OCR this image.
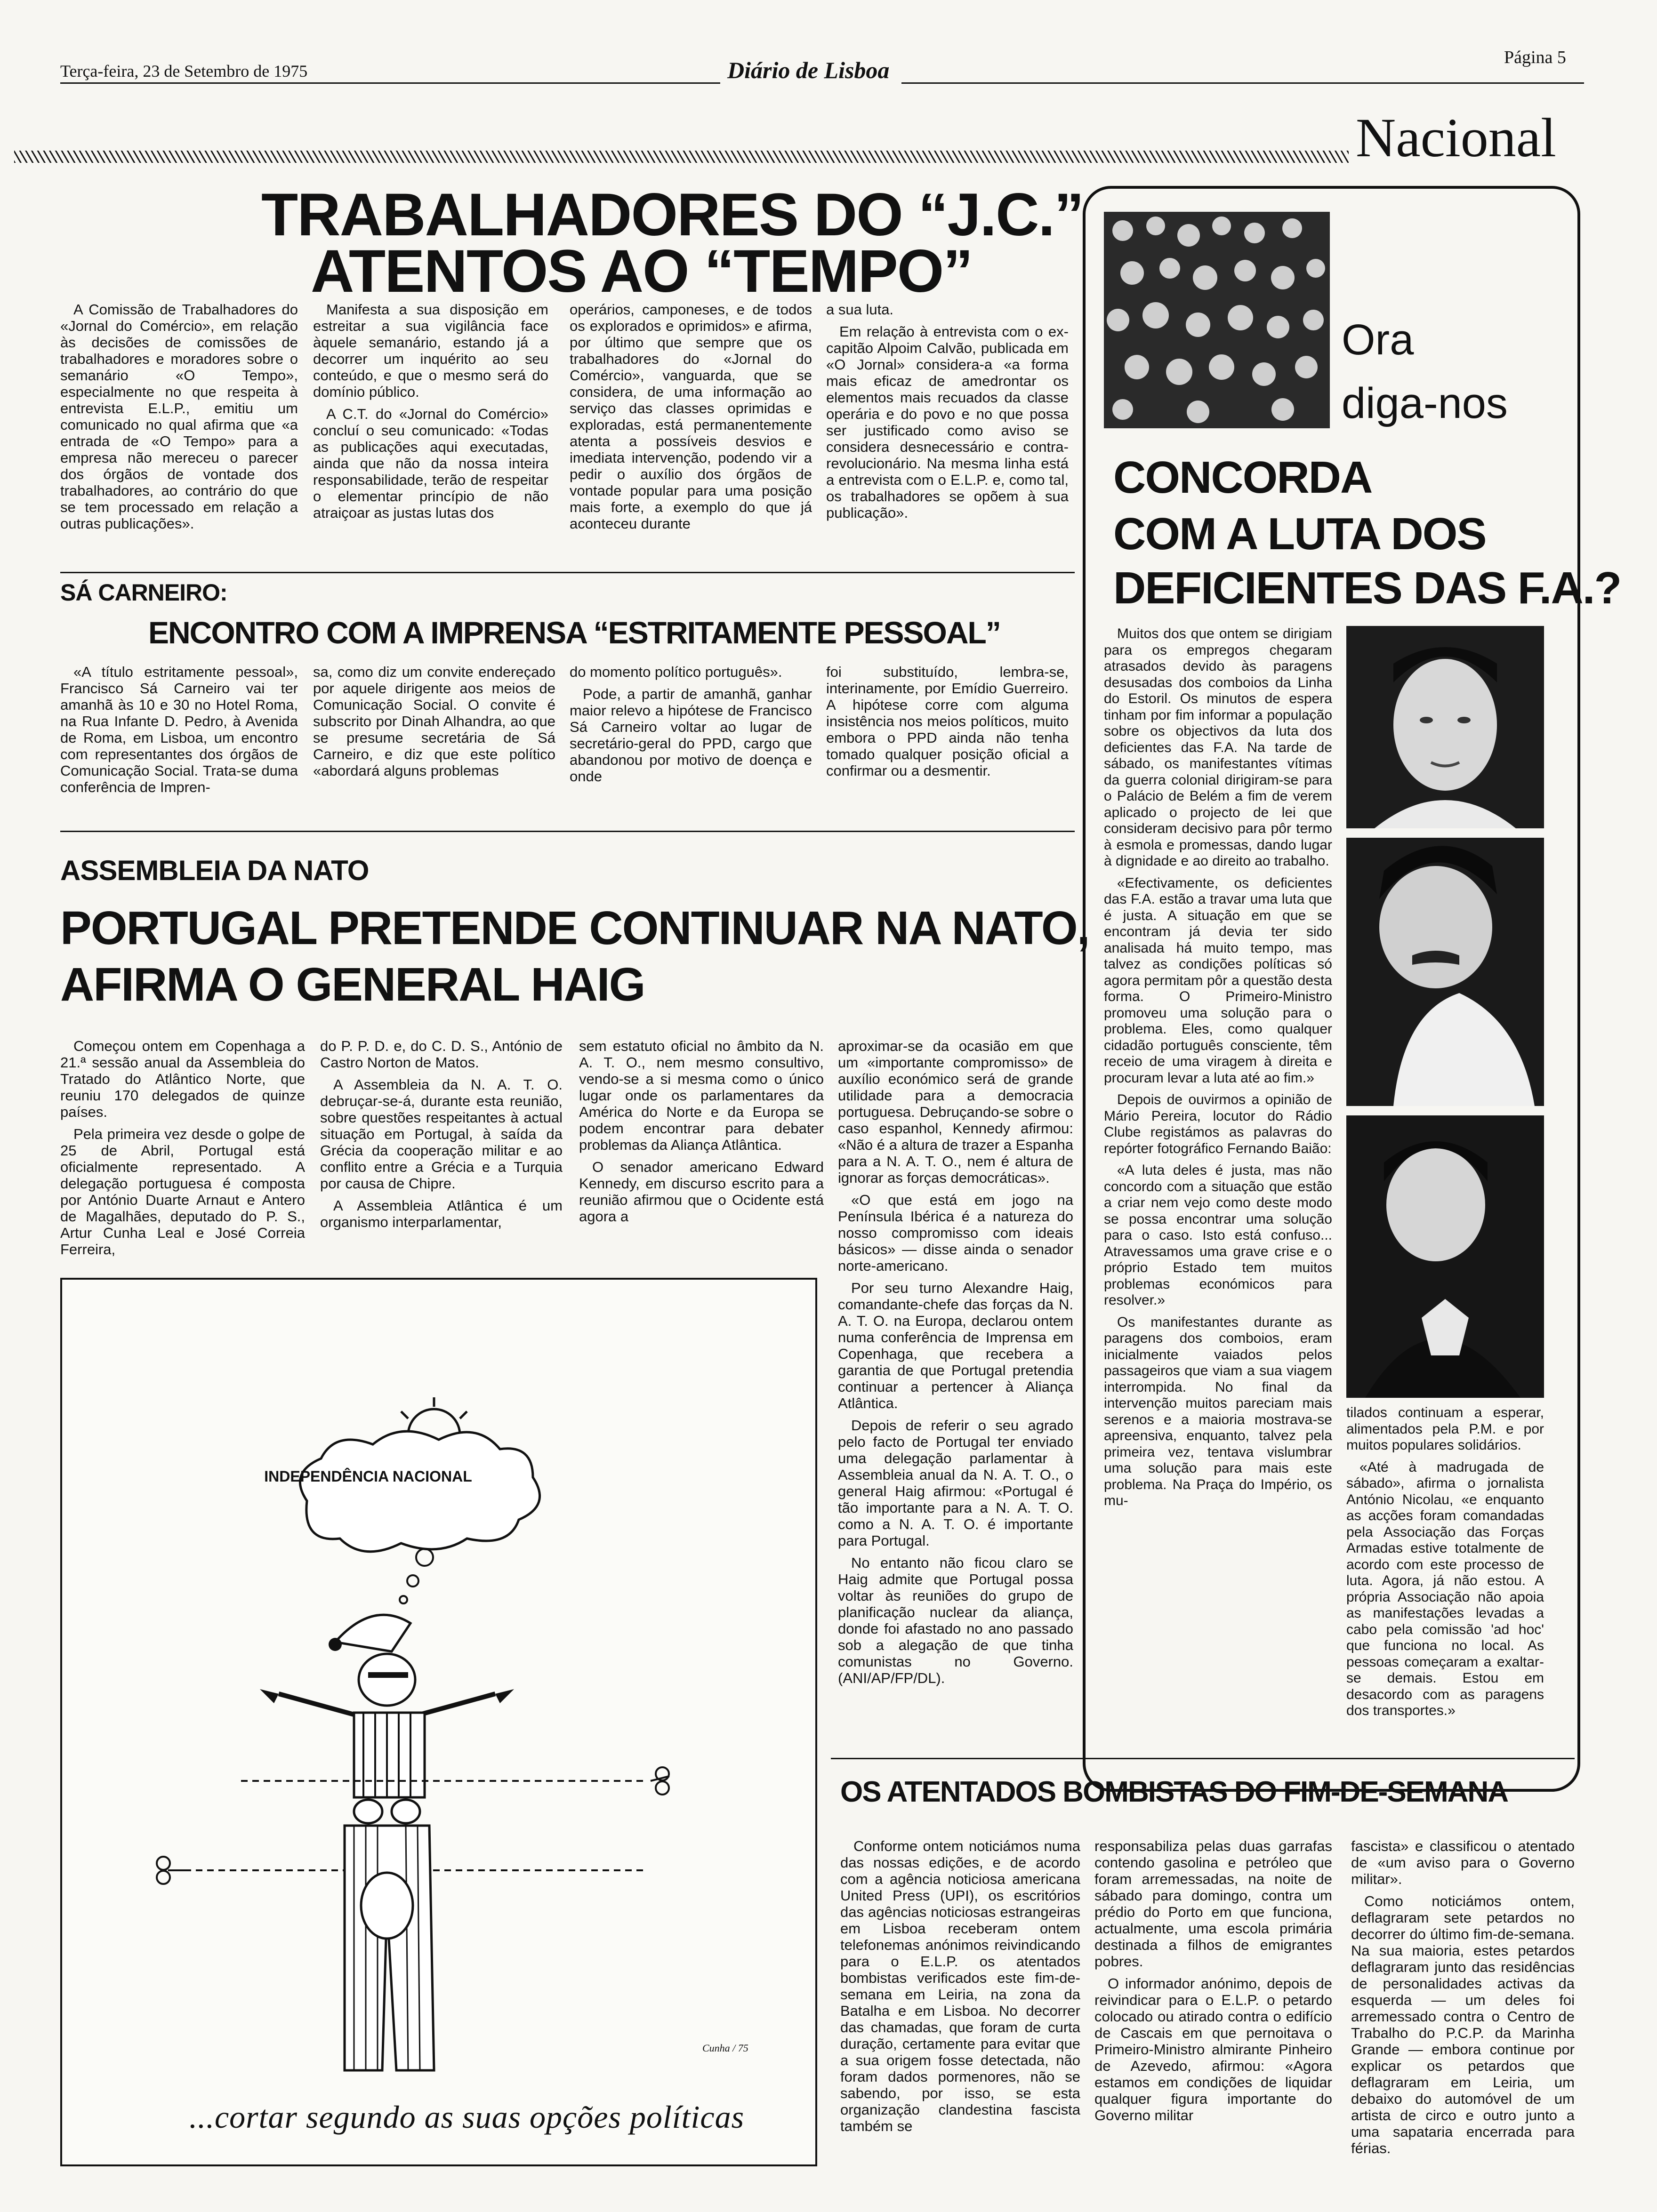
Terça-feira, 23 de Setembro de 1975	Diário de Lisboa	Página 5
Nacional
TRABALHADORES DO “J.C.”
ATENTOS AO “TEMPO”

A Comissão de Trabalhadores do «Jornal do Comércio», em relação às decisões de comissões de trabalhadores e moradores sobre o semanário «O Tempo», especialmente no que respeita à entrevista E.L.P., emitiu um comunicado no qual afirma que «a entrada de «O Tempo» para a empresa não mereceu o parecer dos órgãos de vontade dos trabalhadores, ao contrário do que se tem processado em relação a outras publicações».

Manifesta a sua disposição em estreitar a sua vigilância face àquele semanário, estando já a decorrer um inquérito ao seu conteúdo, e que o mesmo será do domínio público.

A C.T. do «Jornal do Comércio» concluí o seu comunicado: «Todas as publicações aqui executadas, ainda que não da nossa inteira responsabilidade, terão de respeitar o elementar princípio de não atraiçoar as justas lutas dos

operários, camponeses, e de todos os explorados e oprimidos» e afirma, por último que sempre que os trabalhadores do «Jornal do Comércio», vanguarda, que se considera, de uma informação ao serviço das classes oprimidas e exploradas, está permanentemente atenta a possíveis desvios e imediata intervenção, podendo vir a pedir o auxílio dos órgãos de vontade popular para uma posição mais forte, a exemplo do que já aconteceu durante

a sua luta.

Em relação à entrevista com o ex-capitão Alpoim Calvão, publicada em «O Jornal» considera-a «a forma mais eficaz de amedrontar os elementos mais recuados da classe operária e do povo e no que possa ser justificado como aviso se considera desnecessário e contra-revolucionário. Na mesma linha está a entrevista com o E.L.P. e, como tal, os trabalhadores se opõem à sua publicação».

SÁ CARNEIRO:
ENCONTRO COM A IMPRENSA “ESTRITAMENTE PESSOAL”

«A título estritamente pessoal», Francisco Sá Carneiro vai ter amanhã às 10 e 30 no Hotel Roma, na Rua Infante D. Pedro, à Avenida de Roma, em Lisboa, um encontro com representantes dos órgãos de Comunicação Social. Trata-se duma conferência de Impren-

sa, como diz um convite endereçado por aquele dirigente aos meios de Comunicação Social. O convite é subscrito por Dinah Alhandra, ao que se presume secretária de Sá Carneiro, e diz que este político «abordará alguns problemas

do momento político português».

Pode, a partir de amanhã, ganhar maior relevo a hipótese de Francisco Sá Carneiro voltar ao lugar de secretário-geral do PPD, cargo que abandonou por motivo de doença e onde

foi substituído, lembra-se, interinamente, por Emídio Guerreiro. A hipótese corre com alguma insistência nos meios políticos, muito embora o PPD ainda não tenha tomado qualquer posição oficial a confirmar ou a desmentir.

ASSEMBLEIA DA NATO
PORTUGAL PRETENDE CONTINUAR NA NATO,
AFIRMA O GENERAL HAIG

Começou ontem em Copenhaga a 21.ª sessão anual da Assembleia do Tratado do Atlântico Norte, que reuniu 170 delegados de quinze países.

Pela primeira vez desde o golpe de 25 de Abril, Portugal está oficialmente representado. A delegação portuguesa é composta por António Duarte Arnaut e Antero de Magalhães, deputado do P. S., Artur Cunha Leal e José Correia Ferreira,

do P. P. D. e, do C. D. S., António de Castro Norton de Matos.

A Assembleia da N. A. T. O. debruçar-se-á, durante esta reunião, sobre questões respeitantes à actual situação em Portugal, à saída da Grécia da cooperação militar e ao conflito entre a Grécia e a Turquia por causa de Chipre.

A Assembleia Atlântica é um organismo interparlamentar,

sem estatuto oficial no âmbito da N. A. T. O., nem mesmo consultivo, vendo-se a si mesma como o único lugar onde os parlamentares da América do Norte e da Europa se podem encontrar para debater problemas da Aliança Atlântica.

O senador americano Edward Kennedy, em discurso escrito para a reunião afirmou que o Ocidente está agora a

aproximar-se da ocasião em que um «importante compromisso» de auxílio económico será de grande utilidade para a democracia portuguesa. Debruçando-se sobre o caso espanhol, Kennedy afirmou: «Não é a altura de trazer a Espanha para a N. A. T. O., nem é altura de ignorar as forças democráticas».

«O que está em jogo na Península Ibérica é a natureza do nosso compromisso com ideais básicos» — disse ainda o senador norte-americano.

Por seu turno Alexandre Haig, comandante-chefe das forças da N. A. T. O. na Europa, declarou ontem numa conferência de Imprensa em Copenhaga, que recebera a garantia de que Portugal pretendia continuar a pertencer à Aliança Atlântica.

Depois de referir o seu agrado pelo facto de Portugal ter enviado uma delegação parlamentar à Assembleia anual da N. A. T. O., o general Haig afirmou: «Portugal é tão importante para a N. A. T. O. como a N. A. T. O. é importante para Portugal.

No entanto não ficou claro se Haig admite que Portugal possa voltar às reuniões do grupo de planificação nuclear da aliança, donde foi afastado no ano passado sob a alegação de que tinha comunistas no Governo. (ANI/AP/FP/DL).

INDEPENDÊNCIA NACIONAL
Cunha / 75
...cortar segundo as suas opções políticas
Ora
diga-nos
CONCORDA
COM A LUTA DOS
DEFICIENTES DAS F.A.?

Muitos dos que ontem se dirigiam para os empregos chegaram atrasados devido às paragens desusadas dos comboios da Linha do Estoril. Os minutos de espera tinham por fim informar a população sobre os objectivos da luta dos deficientes das F.A. Na tarde de sábado, os manifestantes vítimas da guerra colonial dirigiram-se para o Palácio de Belém a fim de verem aplicado o projecto de lei que consideram decisivo para pôr termo à esmola e promessas, dando lugar à dignidade e ao direito ao trabalho.

«Efectivamente, os deficientes das F.A. estão a travar uma luta que é justa. A situação em que se encontram já devia ter sido analisada há muito tempo, mas talvez as condições políticas só agora permitam pôr a questão desta forma. O Primeiro-Ministro promoveu uma solução para o problema. Eles, como qualquer cidadão português consciente, têm receio de uma viragem à direita e procuram levar a luta até ao fim.»

Depois de ouvirmos a opinião de Mário Pereira, locutor do Rádio Clube registámos as palavras do repórter fotográfico Fernando Baião:

«A luta deles é justa, mas não concordo com a situação que estão a criar nem vejo como deste modo se possa encontrar uma solução para o caso. Isto está confuso... Atravessamos uma grave crise e o próprio Estado tem muitos problemas económicos para resolver.»

Os manifestantes durante as paragens dos comboios, eram inicialmente vaiados pelos passageiros que viam a sua viagem interrompida. No final da intervenção muitos pareciam mais serenos e a maioria mostrava-se apreensiva, enquanto, talvez pela primeira vez, tentava vislumbrar uma solução para mais este problema. Na Praça do Império, os mu-

tilados continuam a esperar, alimentados pela P.M. e por muitos populares solidários.

«Até à madrugada de sábado», afirma o jornalista António Nicolau, «e enquanto as acções foram comandadas pela Associação das Forças Armadas estive totalmente de acordo com este processo de luta. Agora, já não estou. A própria Associação não apoia as manifestações levadas a cabo pela comissão 'ad hoc' que funciona no local. As pessoas começaram a exaltar-se demais. Estou em desacordo com as paragens dos transportes.»

OS ATENTADOS BOMBISTAS DO FIM-DE-SEMANA

Conforme ontem noticiámos numa das nossas edições, e de acordo com a agência noticiosa americana United Press (UPI), os escritórios das agências noticiosas estrangeiras em Lisboa receberam ontem telefonemas anónimos reivindicando para o E.L.P. os atentados bombistas verificados este fim-de-semana em Leiria, na zona da Batalha e em Lisboa. No decorrer das chamadas, que foram de curta duração, certamente para evitar que a sua origem fosse detectada, não foram dados pormenores, não se sabendo, por isso, se esta organização clandestina fascista também se

responsabiliza pelas duas garrafas contendo gasolina e petróleo que foram arremessadas, na noite de sábado para domingo, contra um prédio do Porto em que funciona, actualmente, uma escola primária destinada a filhos de emigrantes pobres.

O informador anónimo, depois de reivindicar para o E.L.P. o petardo colocado ou atirado contra o edifício de Cascais em que pernoitava o Primeiro-Ministro almirante Pinheiro de Azevedo, afirmou: «Agora estamos em condições de liquidar qualquer figura importante do Governo militar

fascista» e classificou o atentado de «um aviso para o Governo militar».

Como noticiámos ontem, deflagraram sete petardos no decorrer do último fim-de-semana. Na sua maioria, estes petardos deflagraram junto das residências de personalidades activas da esquerda — um deles foi arremessado contra o Centro de Trabalho do P.C.P. da Marinha Grande — embora continue por explicar os petardos que deflagraram em Leiria, um debaixo do automóvel de um artista de circo e outro junto a uma sapataria encerrada para férias.
